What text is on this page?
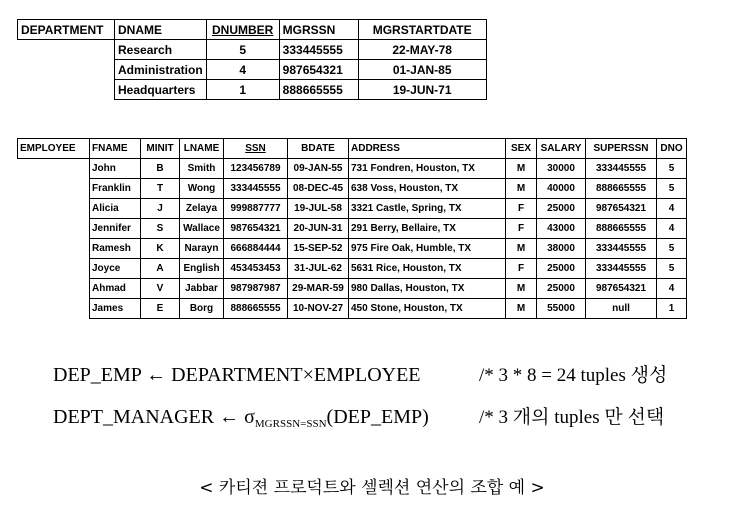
DEPARTMENT	DNAME	DNUMBER	MGRSSN	MGRSTARTDATE
	Research	5	333445555	22-MAY-78
	Administration	4	987654321	01-JAN-85
	Headquarters	1	888665555	19-JUN-71
EMPLOYEE	FNAME	MINIT	LNAME	SSN	BDATE	ADDRESS	SEX	SALARY	SUPERSSN	DNO
	John	B	Smith	123456789	09-JAN-55	731 Fondren, Houston, TX	M	30000	333445555	5
	Franklin	T	Wong	333445555	08-DEC-45	638 Voss, Houston, TX	M	40000	888665555	5
	Alicia	J	Zelaya	999887777	19-JUL-58	3321 Castle, Spring, TX	F	25000	987654321	4
	Jennifer	S	Wallace	987654321	20-JUN-31	291 Berry, Bellaire, TX	F	43000	888665555	4
	Ramesh	K	Narayn	666884444	15-SEP-52	975 Fire Oak, Humble, TX	M	38000	333445555	5
	Joyce	A	English	453453453	31-JUL-62	5631 Rice, Houston, TX	F	25000	333445555	5
	Ahmad	V	Jabbar	987987987	29-MAR-59	980 Dallas, Houston, TX	M	25000	987654321	4
	James	E	Borg	888665555	10-NOV-27	450 Stone, Houston, TX	M	55000	null	1
DEP_EMP ← DEPARTMENT×EMPLOYEE	/* 3 * 8 = 24 tuples 생성
DEPT_MANAGER ← $\sigma_{MGRSSN=SSN}(DEP\_EMP)$	/* 3 개의 tuples 만 선택
< 카티젼 프로덕트와 셀렉션 연산의 조합 예 >
